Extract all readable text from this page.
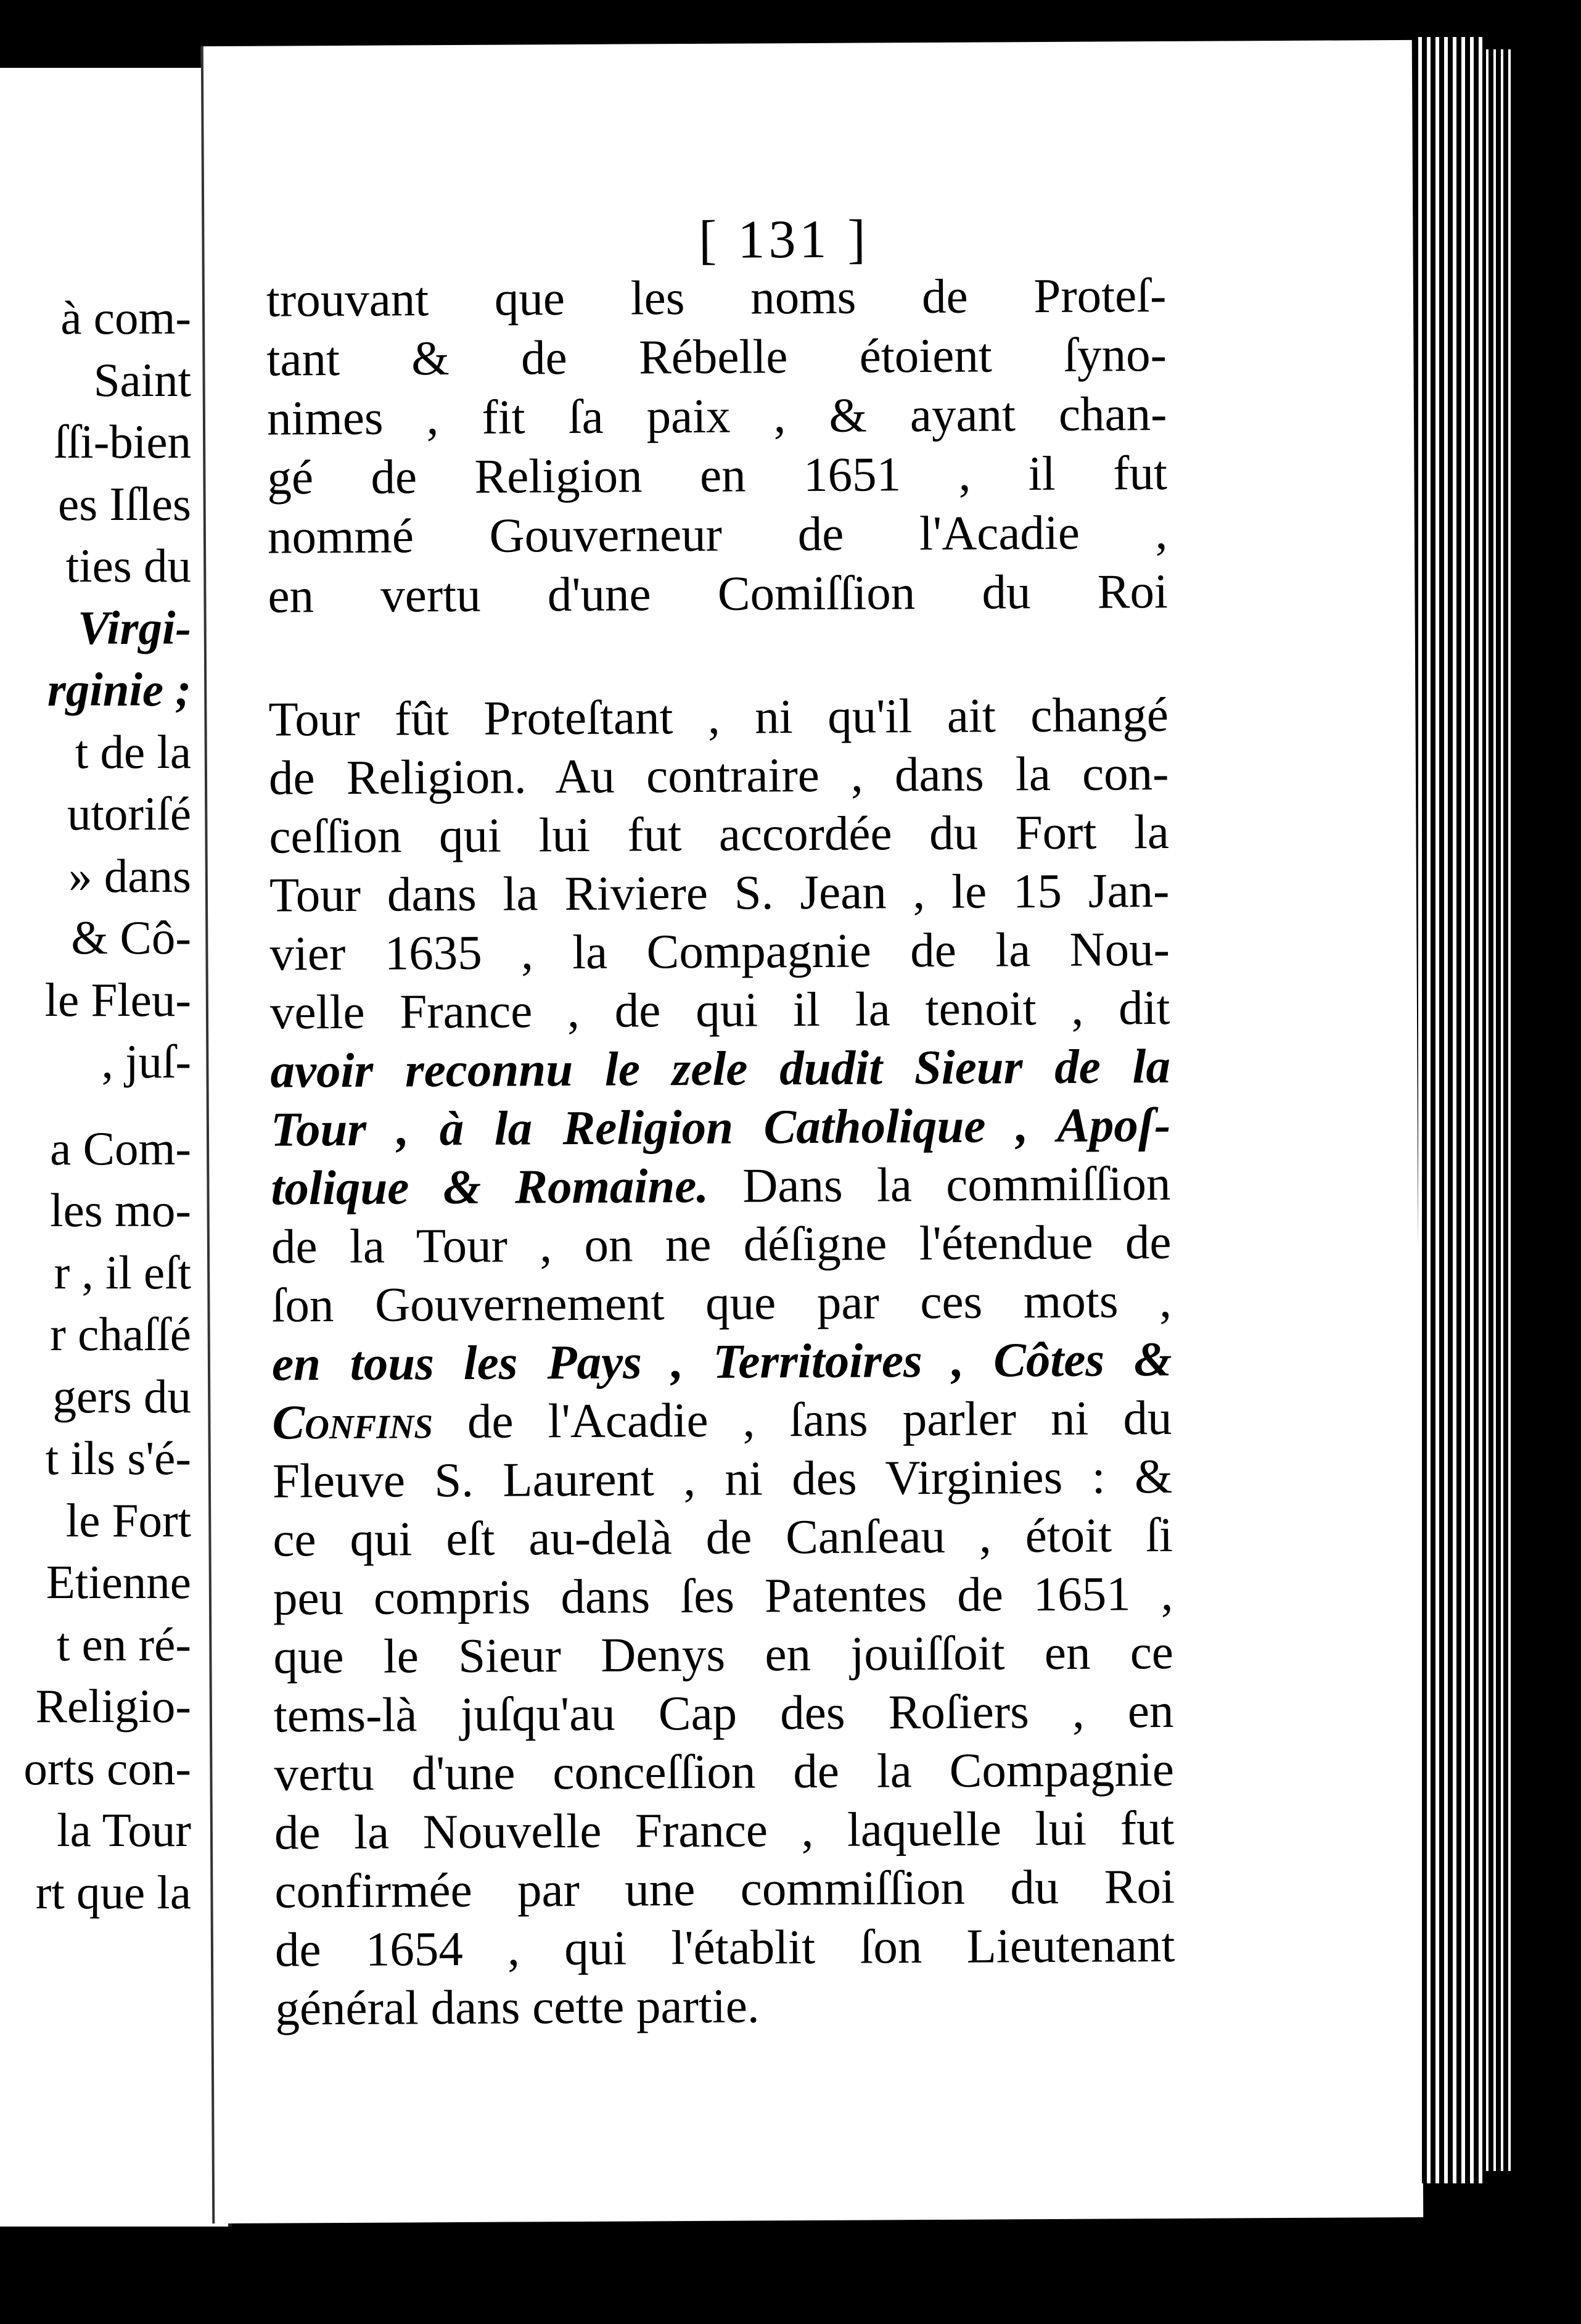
à com-
Saint
ſſi-bien
es Iſles
ties du
Virgi-
rginie ;
t de la
utoriſé
» dans
& Cô-
le Fleu-
, juſ-
a Com-
les mo-
r , il eſt
r chaſſé
gers du
t ils s'é-
le Fort
Etienne
t en ré-
Religio-
orts con-
la Tour
rt que la
[ 131 ]
trouvant que les noms de Proteſ-
tant & de Rébelle étoient ſyno-
nimes , fit ſa paix , & ayant chan-
gé de Religion en 1651 , il fut
nommé Gouverneur de l'Acadie ,
en vertu d'une Comiſſion du Roi
Tour fût Proteſtant , ni qu'il ait changé
de Religion. Au contraire , dans la con-
ceſſion qui lui fut accordée du Fort la
Tour dans la Riviere S. Jean , le 15 Jan-
vier 1635 , la Compagnie de la Nou-
velle France , de qui il la tenoit , dit
avoir reconnu le zele dudit Sieur de la
Tour , à la Religion Catholique , Apoſ-
tolique & Romaine. Dans la commiſſion
de la Tour , on ne déſigne l'étendue de
ſon Gouvernement que par ces mots ,
en tous les Pays , Territoires , Côtes &
Confins de l'Acadie , ſans parler ni du
Fleuve S. Laurent , ni des Virginies : &
ce qui eſt au-delà de Canſeau , étoit ſi
peu compris dans ſes Patentes de 1651 ,
que le Sieur Denys en jouiſſoit en ce
tems-là juſqu'au Cap des Roſiers , en
vertu d'une conceſſion de la Compagnie
de la Nouvelle France , laquelle lui fut
confirmée par une commiſſion du Roi
de 1654 , qui l'établit ſon Lieutenant
général dans cette partie.
